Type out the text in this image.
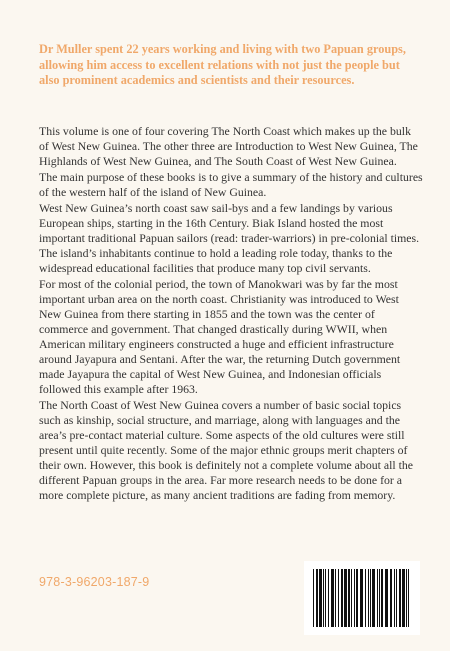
Dr Muller spent 22 years working and living with two Papuan groups, allowing him access to excellent relations with not just the people but also prominent academics and scientists and their resources.

This volume is one of four covering The North Coast which makes up the bulk of West New Guinea. The other three are Introduction to West New Guinea, The Highlands of West New Guinea, and The South Coast of West New Guinea.

The main purpose of these books is to give a summary of the history and cultures of the western half of the island of New Guinea.

West New Guinea’s north coast saw sail-bys and a few landings by various European ships, starting in the 16th Century. Biak Island hosted the most important traditional Papuan sailors (read: trader-warriors) in pre-colonial times. The island’s inhabitants continue to hold a leading role today, thanks to the widespread educational facilities that produce many top civil servants.

For most of the colonial period, the town of Manokwari was by far the most important urban area on the north coast. Christianity was introduced to West New Guinea from there starting in 1855 and the town was the center of commerce and government. That changed drastically during WWII, when American military engineers constructed a huge and efficient infrastructure around Jayapura and Sentani. After the war, the returning Dutch government made Jayapura the capital of West New Guinea, and Indonesian officials followed this example after 1963.

The North Coast of West New Guinea covers a number of basic social topics such as kinship, social structure, and marriage, along with languages and the area’s pre-contact material culture. Some aspects of the old cultures were still present until quite recently. Some of the major ethnic groups merit chapters of their own. However, this book is definitely not a complete volume about all the different Papuan groups in the area. Far more research needs to be done for a more complete picture, as many ancient traditions are fading from memory.

978-3-96203-187-9
